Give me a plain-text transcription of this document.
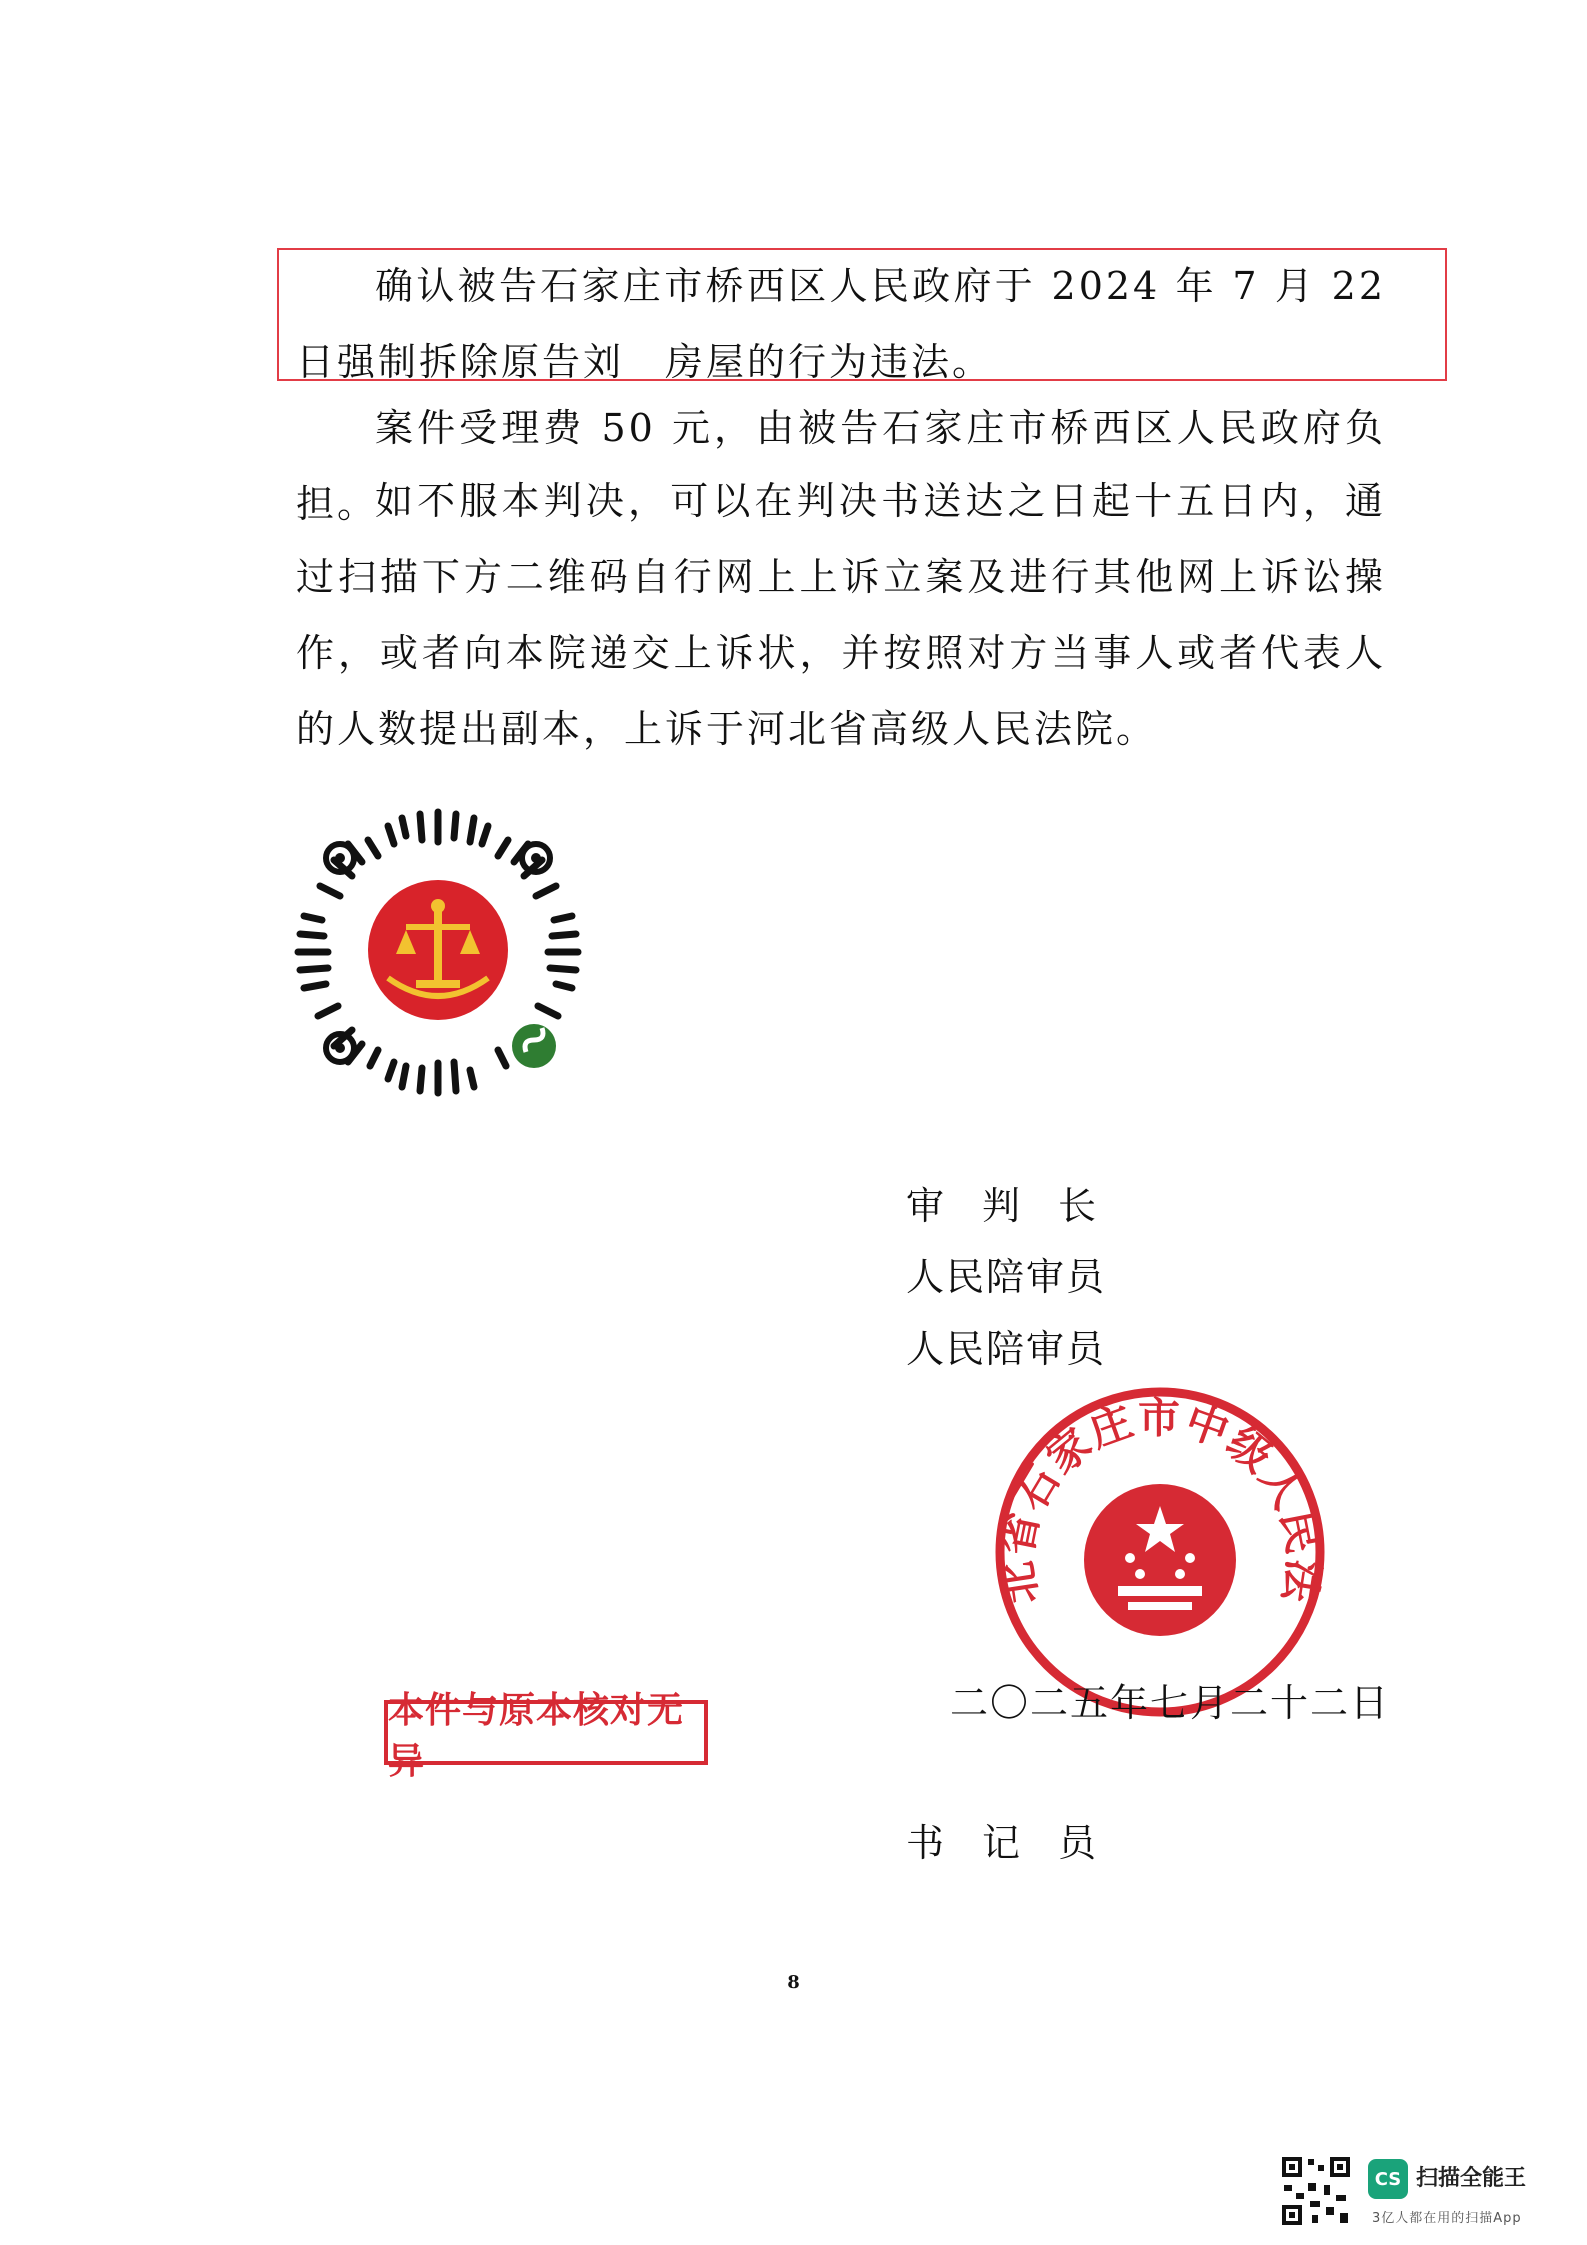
确认被告石家庄市桥西区人民政府于 2024 年 7 月 22 日强制拆除原告刘　房屋的行为违法。
案件受理费 50 元，由被告石家庄市桥西区人民政府负担。
如不服本判决，可以在判决书送达之日起十五日内，通过扫描下方二维码自行网上上诉立案及进行其他网上诉讼操作，或者向本院递交上诉状，并按照对方当事人或者代表人的人数提出副本，上诉于河北省高级人民法院。
审判长
人民陪审员
人民陪审员
北省石家庄市中级人民法
二〇二五年七月二十二日
本件与原本核对无异
书记员
8
CS 扫描全能王
3亿人都在用的扫描App
